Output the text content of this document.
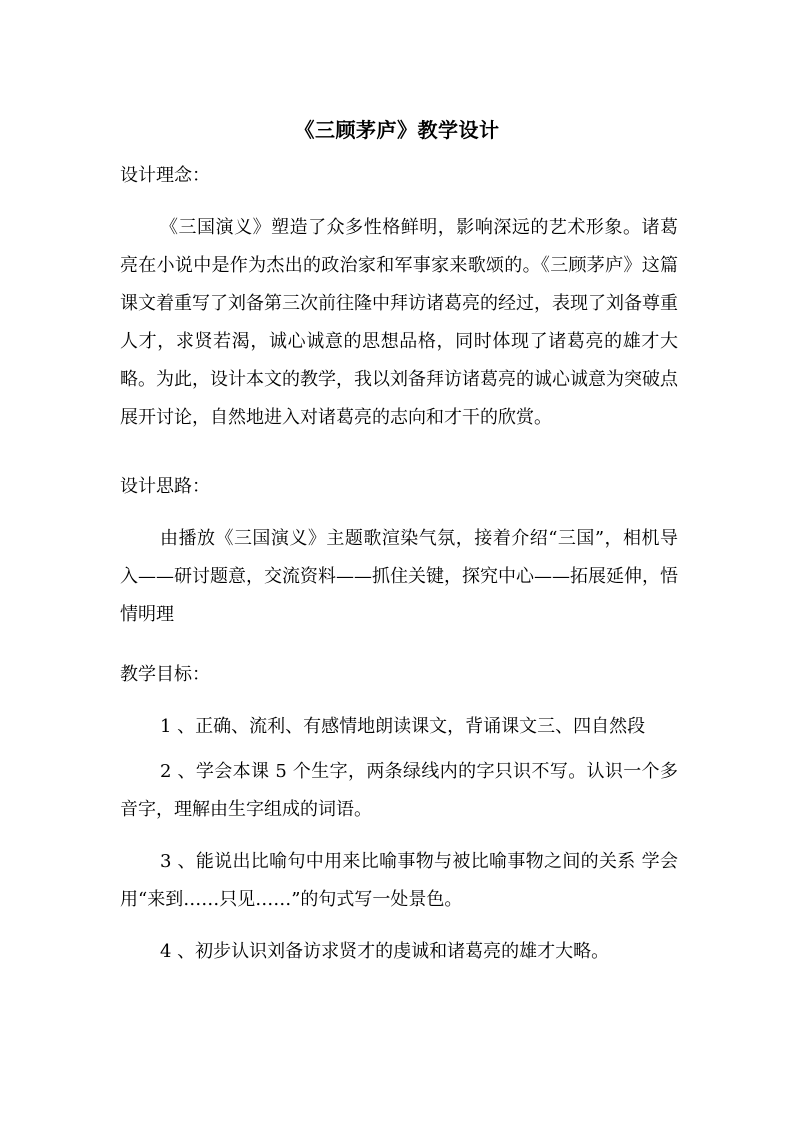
《三顾茅庐》教学设计
设计理念：
《三国演义》塑造了众多性格鲜明，影响深远的艺术形象。诸葛亮在小说中是作为杰出的政治家和军事家来歌颂的。《三顾茅庐》这篇课文着重写了刘备第三次前往隆中拜访诸葛亮的经过，表现了刘备尊重人才，求贤若渴，诚心诚意的思想品格，同时体现了诸葛亮的雄才大略。为此，设计本文的教学，我以刘备拜访诸葛亮的诚心诚意为突破点展开讨论，自然地进入对诸葛亮的志向和才干的欣赏。
设计思路：
由播放《三国演义》主题歌渲染气氛，接着介绍“三国”，相机导入——研讨题意，交流资料——抓住关键，探究中心——拓展延伸，悟情明理
教学目标：
1 、正确、流利、有感情地朗读课文，背诵课文三、四自然段
2 、学会本课 5 个生字，两条绿线内的字只识不写。认识一个多音字，理解由生字组成的词语。
3 、能说出比喻句中用来比喻事物与被比喻事物之间的关系 学会用“来到……只见……”的句式写一处景色。
4 、初步认识刘备访求贤才的虔诚和诸葛亮的雄才大略。
